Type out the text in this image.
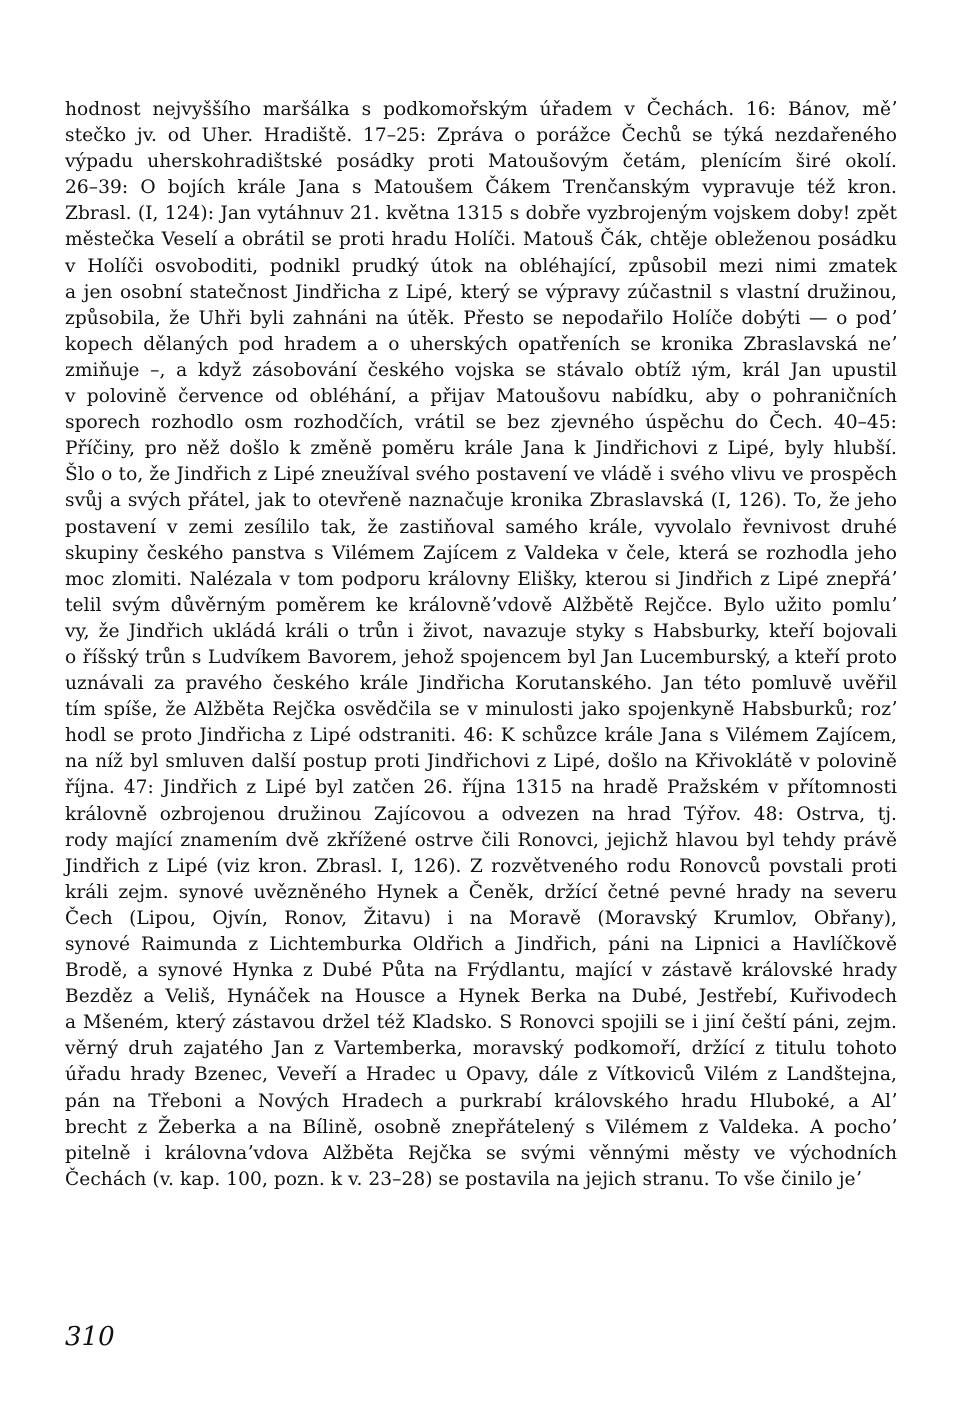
hodnost nejvyššího maršálka s podkomořským úřadem v Čechách. 16: Bánov, měʼ
stečko jv. od Uher. Hradiště. 17–25: Zpráva o porážce Čechů se týká nezdařeného
výpadu uherskohradištské posádky proti Matoušovým četám, plenícím širé okolí.
26–39: O bojích krále Jana s Matoušem Čákem Trenčanským vypravuje též kron.
Zbrasl. (I, 124): Jan vytáhnuv 21. května 1315 s dobře vyzbrojeným vojskem doby! zpět
městečka Veselí a obrátil se proti hradu Holíči. Matouš Čák, chtěje obleženou posádku
v Holíči osvoboditi, podnikl prudký útok na obléhající, způsobil mezi nimi zmatek
a jen osobní statečnost Jindřicha z Lipé, který se výpravy zúčastnil s vlastní družinou,
způsobila, že Uhři byli zahnáni na útěk. Přesto se nepodařilo Holíče dobýti — o podʼ
kopech dělaných pod hradem a o uherských opatřeních se kronika Zbraslavská neʼ
zmiňuje –, a když zásobování českého vojska se stávalo obtíž ıým, král Jan upustil
v polovině července od obléhání, a přijav Matoušovu nabídku, aby o pohraničních
sporech rozhodlo osm rozhodčích, vrátil se bez zjevného úspěchu do Čech. 40–45:
Příčiny, pro něž došlo k změně poměru krále Jana k Jindřichovi z Lipé, byly hlubší.
Šlo o to, že Jindřich z Lipé zneužíval svého postavení ve vládě i svého vlivu ve prospěch
svůj a svých přátel, jak to otevřeně naznačuje kronika Zbraslavská (I, 126). To, že jeho
postavení v zemi zesílilo tak, že zastiňoval samého krále, vyvolalo řevnivost druhé
skupiny českého panstva s Vilémem Zajícem z Valdeka v čele, která se rozhodla jeho
moc zlomiti. Nalézala v tom podporu královny Elišky, kterou si Jindřich z Lipé znepřáʼ
telil svým důvěrným poměrem ke královněʼvdově Alžbětě Rejčce. Bylo užito pomluʼ
vy, že Jindřich ukládá králi o trůn i život, navazuje styky s Habsburky, kteří bojovali
o říšský trůn s Ludvíkem Bavorem, jehož spojencem byl Jan Lucemburský, a kteří proto
uznávali za pravého českého krále Jindřicha Korutanského. Jan této pomluvě uvěřil
tím spíše, že Alžběta Rejčka osvědčila se v minulosti jako spojenkyně Habsburků; rozʼ
hodl se proto Jindřicha z Lipé odstraniti. 46: K schůzce krále Jana s Vilémem Zajícem,
na níž byl smluven další postup proti Jindřichovi z Lipé, došlo na Křivoklátě v polovině
října. 47: Jindřich z Lipé byl zatčen 26. října 1315 na hradě Pražském v přítomnosti
královně ozbrojenou družinou Zajícovou a odvezen na hrad Týřov. 48: Ostrva, tj.
rody mající znamením dvě zkřížené ostrve čili Ronovci, jejichž hlavou byl tehdy právě
Jindřich z Lipé (viz kron. Zbrasl. I, 126). Z rozvětveného rodu Ronovců povstali proti
králi zejm. synové uvězněného Hynek a Čeněk, držící četné pevné hrady na severu
Čech (Lipou, Ojvín, Ronov, Žitavu) i na Moravě (Moravský Krumlov, Obřany),
synové Raimunda z Lichtemburka Oldřich a Jindřich, páni na Lipnici a Havlíčkově
Brodě, a synové Hynka z Dubé Půta na Frýdlantu, mající v zástavě královské hrady
Bezděz a Veliš, Hynáček na Housce a Hynek Berka na Dubé, Jestřebí, Kuřivodech
a Mšeném, který zástavou držel též Kladsko. S Ronovci spojili se i jiní čeští páni, zejm.
věrný druh zajatého Jan z Vartemberka, moravský podkomoří, držící z titulu tohoto
úřadu hrady Bzenec, Veveří a Hradec u Opavy, dále z Vítkoviců Vilém z Landštejna,
pán na Třeboni a Nových Hradech a purkrabí královského hradu Hluboké, a Alʼ
brecht z Žeberka a na Bílině, osobně znepřátelený s Vilémem z Valdeka. A pochoʼ
pitelně i královnaʼvdova Alžběta Rejčka se svými věnnými městy ve východních
Čechách (v. kap. 100, pozn. k v. 23–28) se postavila na jejich stranu. To vše činilo jeʼ
310
